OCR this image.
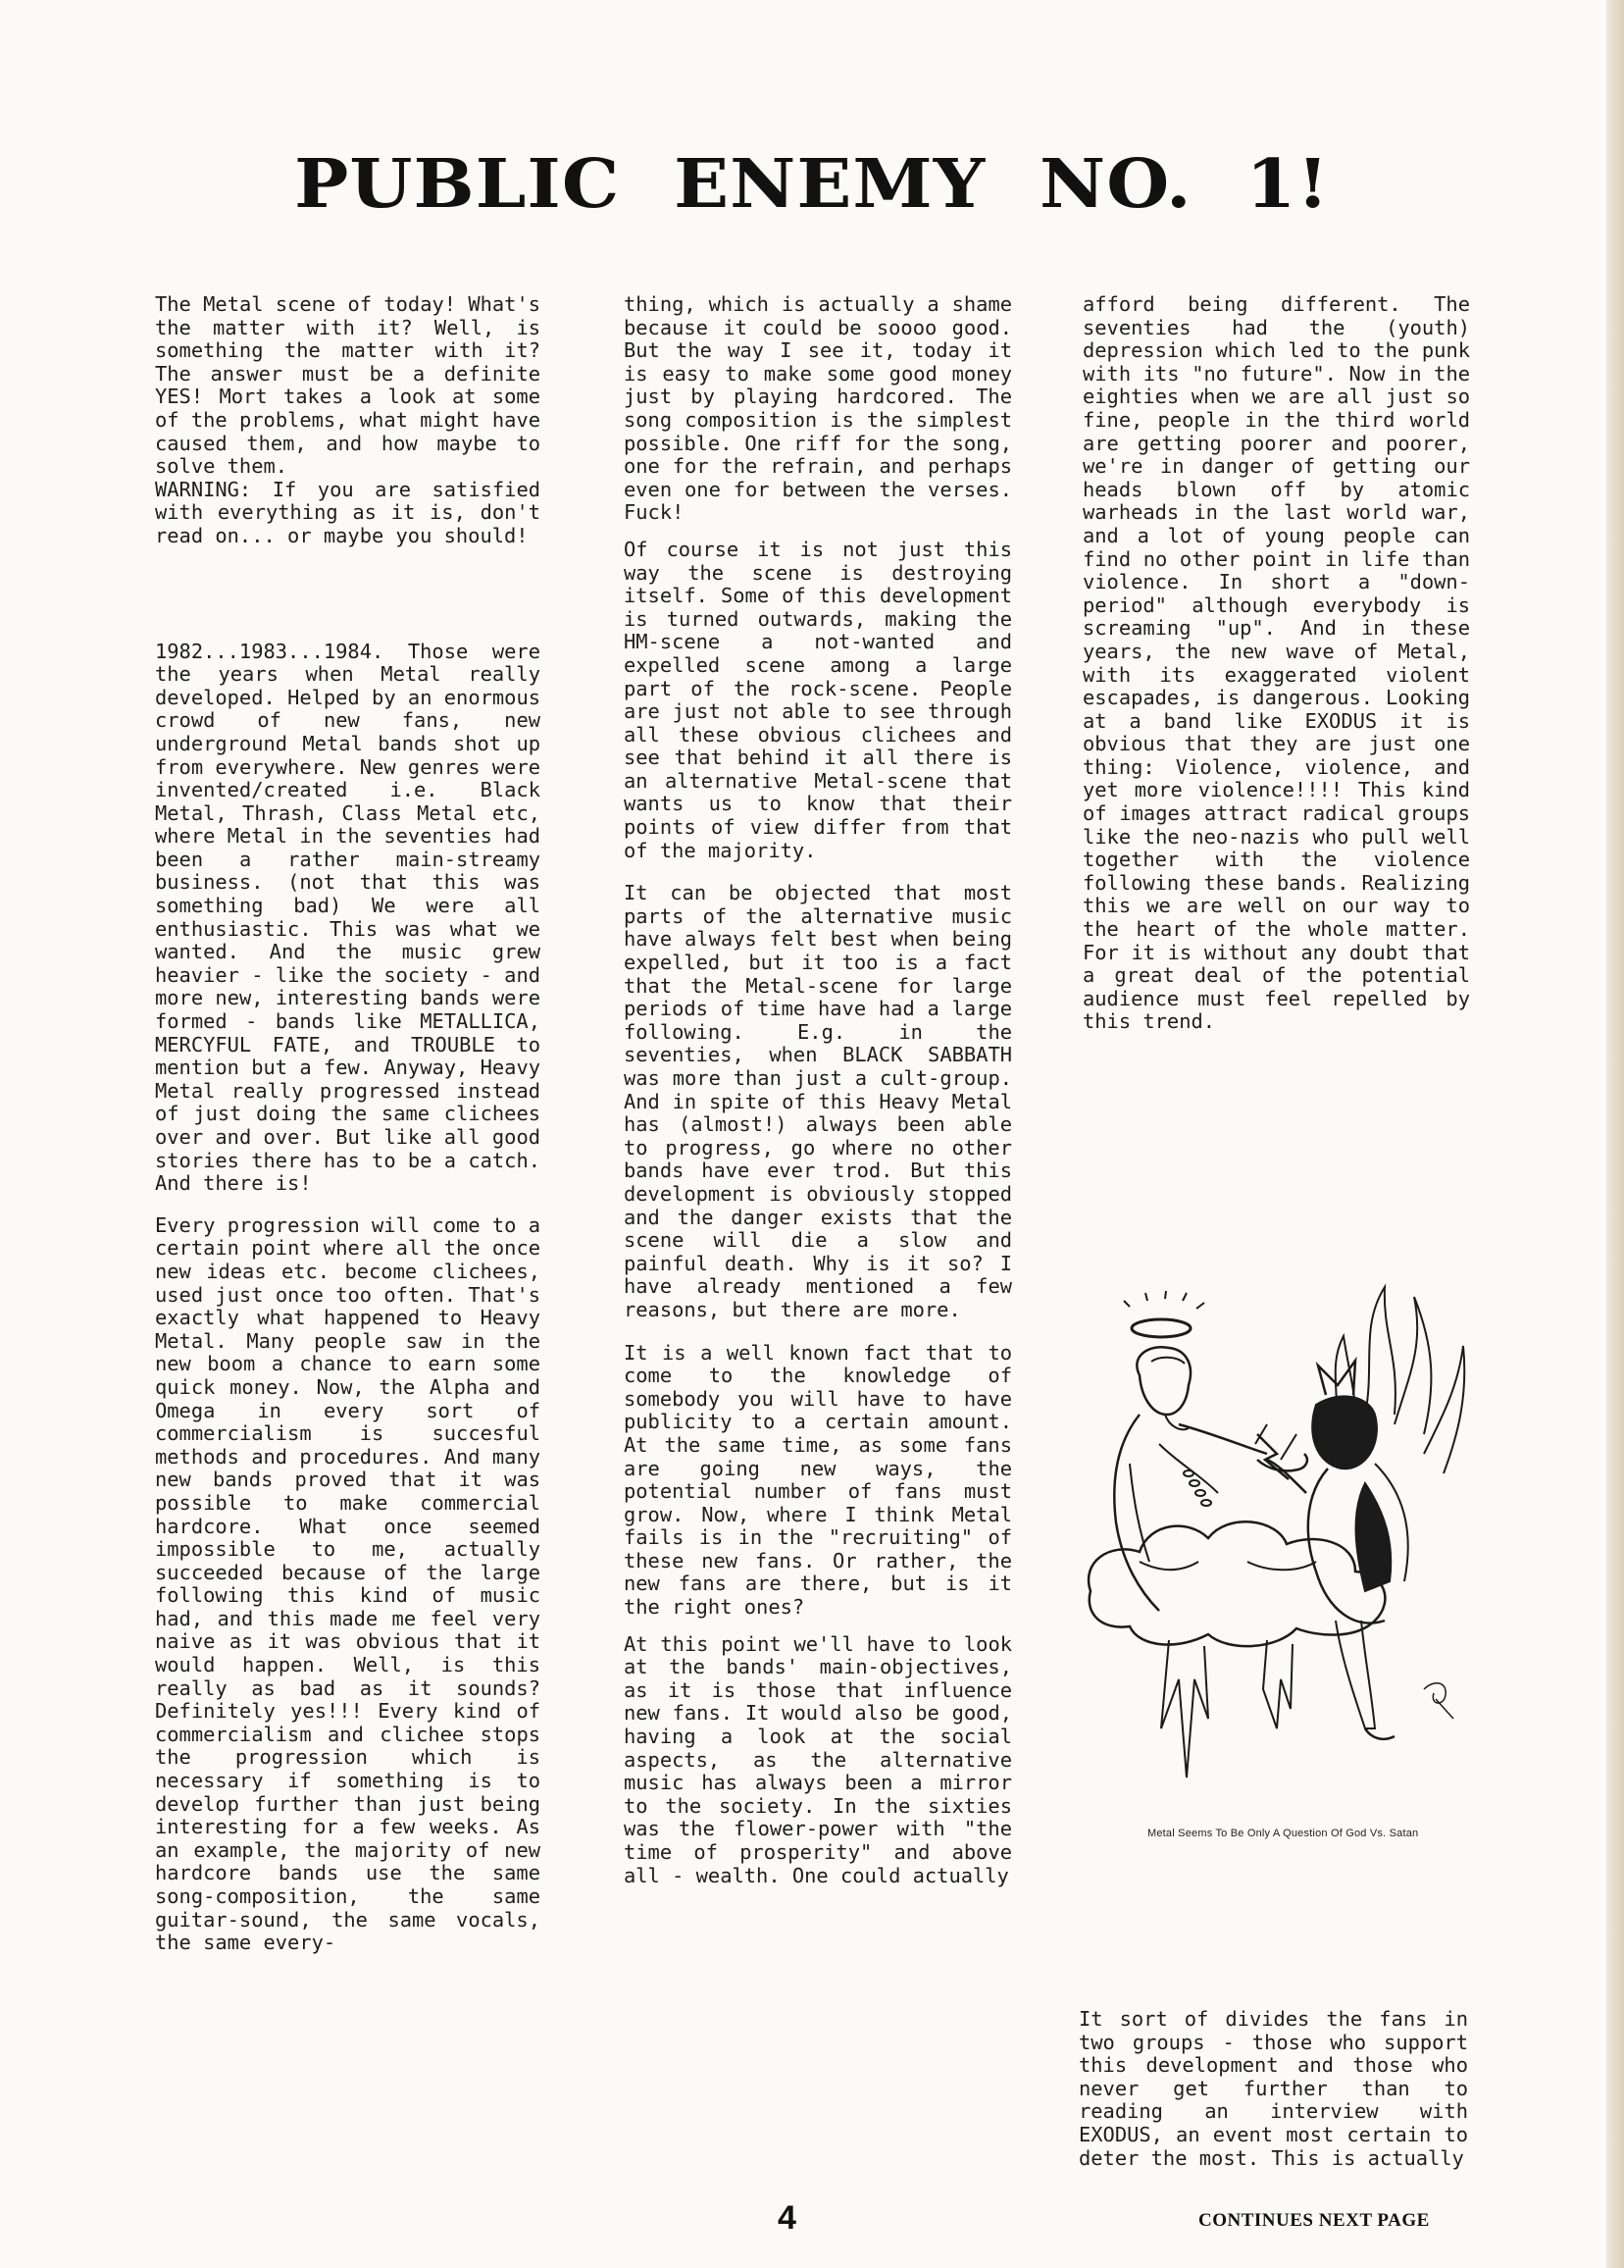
PUBLIC ENEMY NO. 1!

The Metal scene of today! What's the matter with it? Well, is something the matter with it? The answer must be a definite YES! Mort takes a look at some of the problems, what might have caused them, and how maybe to solve them.

WARNING: If you are satisfied with everything as it is, don't read on... or maybe you should!

1982...1983...1984. Those were the years when Metal really developed. Helped by an enormous crowd of new fans, new underground Metal bands shot up from everywhere. New genres were invented/created i.e. Black Metal, Thrash, Class Metal etc, where Metal in the seventies had been a rather main-streamy business. (not that this was something bad) We were all enthusiastic. This was what we wanted. And the music grew heavier - like the society - and more new, interesting bands were formed - bands like METALLICA, MERCYFUL FATE, and TROUBLE to mention but a few. Anyway, Heavy Metal really progressed instead of just doing the same clichees over and over. But like all good stories there has to be a catch. And there is!

Every progression will come to a certain point where all the once new ideas etc. become clichees, used just once too often. That's exactly what happened to Heavy Metal. Many people saw in the new boom a chance to earn some quick money. Now, the Alpha and Omega in every sort of commercialism is succesful methods and procedures. And many new bands proved that it was possible to make commercial hardcore. What once seemed impossible to me, actually succeeded because of the large following this kind of music had, and this made me feel very naive as it was obvious that it would happen. Well, is this really as bad as it sounds? Definitely yes!!! Every kind of commercialism and clichee stops the progression which is necessary if something is to develop further than just being interesting for a few weeks. As an example, the majority of new hardcore bands use the same song-composition, the same guitar-sound, the same vocals, the same every-

thing, which is actually a shame because it could be soooo good. But the way I see it, today it is easy to make some good money just by playing hardcored. The song composition is the simplest possible. One riff for the song, one for the refrain, and perhaps even one for between the verses. Fuck!

Of course it is not just this way the scene is destroying itself. Some of this development is turned outwards, making the HM-scene a not-wanted and expelled scene among a large part of the rock-scene. People are just not able to see through all these obvious clichees and see that behind it all there is an alternative Metal-scene that wants us to know that their points of view differ from that of the majority.

It can be objected that most parts of the alternative music have always felt best when being expelled, but it too is a fact that the Metal-scene for large periods of time have had a large following. E.g. in the seventies, when BLACK SABBATH was more than just a cult-group. And in spite of this Heavy Metal has (almost!) always been able to progress, go where no other bands have ever trod. But this development is obviously stopped and the danger exists that the scene will die a slow and painful death. Why is it so? I have already mentioned a few reasons, but there are more.

It is a well known fact that to come to the knowledge of somebody you will have to have publicity to a certain amount. At the same time, as some fans are going new ways, the potential number of fans must grow. Now, where I think Metal fails is in the "recruiting" of these new fans. Or rather, the new fans are there, but is it the right ones?

At this point we'll have to look at the bands' main-objectives, as it is those that influence new fans. It would also be good, having a look at the social aspects, as the alternative music has always been a mirror to the society. In the sixties was the flower-power with "the time of prosperity" and above all - wealth. One could actually

afford being different. The seventies had the (youth) depression which led to the punk with its "no future". Now in the eighties when we are all just so fine, people in the third world are getting poorer and poorer, we're in danger of getting our heads blown off by atomic warheads in the last world war, and a lot of young people can find no other point in life than violence. In short a "down-period" although everybody is screaming "up". And in these years, the new wave of Metal, with its exaggerated violent escapades, is dangerous. Looking at a band like EXODUS it is obvious that they are just one thing: Violence, violence, and yet more violence!!!! This kind of images attract radical groups like the neo-nazis who pull well together with the violence following these bands. Realizing this we are well on our way to the heart of the whole matter. For it is without any doubt that a great deal of the potential audience must feel repelled by this trend.

Metal Seems To Be Only A Question Of God Vs. Satan

It sort of divides the fans in two groups - those who support this development and those who never get further than to reading an interview with EXODUS, an event most certain to deter the most. This is actually

4	CONTINUES NEXT PAGE
